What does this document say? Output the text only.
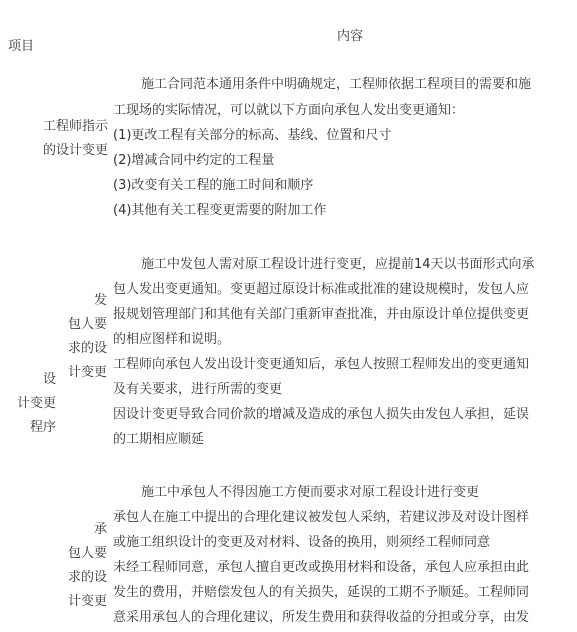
项目
内容
工程师指示
的设计变更
施工合同范本通用条件中明确规定，工程师依据工程项目的需要和施
工现场的实际情况，可以就以下方面向承包人发出变更通知：
(1)更改工程有关部分的标高、基线、位置和尺寸
(2)增减合同中约定的工程量
(3)改变有关工程的施工时间和顺序
(4)其他有关工程变更需要的附加工作
设
计变更
程序
发
包人要
求的设
计变更
施工中发包人需对原工程设计进行变更，应提前14天以书面形式向承
包人发出变更通知。变更超过原设计标准或批准的建设规模时，发包人应
报规划管理部门和其他有关部门重新审查批准，并由原设计单位提供变更
的相应图样和说明。
工程师向承包人发出设计变更通知后，承包人按照工程师发出的变更通知
及有关要求，进行所需的变更
因设计变更导致合同价款的增减及造成的承包人损失由发包人承担，延误
的工期相应顺延
承
包人要
求的设
计变更
施工中承包人不得因施工方便而要求对原工程设计进行变更
承包人在施工中提出的合理化建议被发包人采纳，若建议涉及对设计图样
或施工组织设计的变更及对材料、设备的换用，则须经工程师同意
未经工程师同意，承包人擅自更改或换用材料和设备，承包人应承担由此
发生的费用，并赔偿发包人的有关损失，延误的工期不予顺延。工程师同
意采用承包人的合理化建议，所发生费用和获得收益的分担或分享，由发
